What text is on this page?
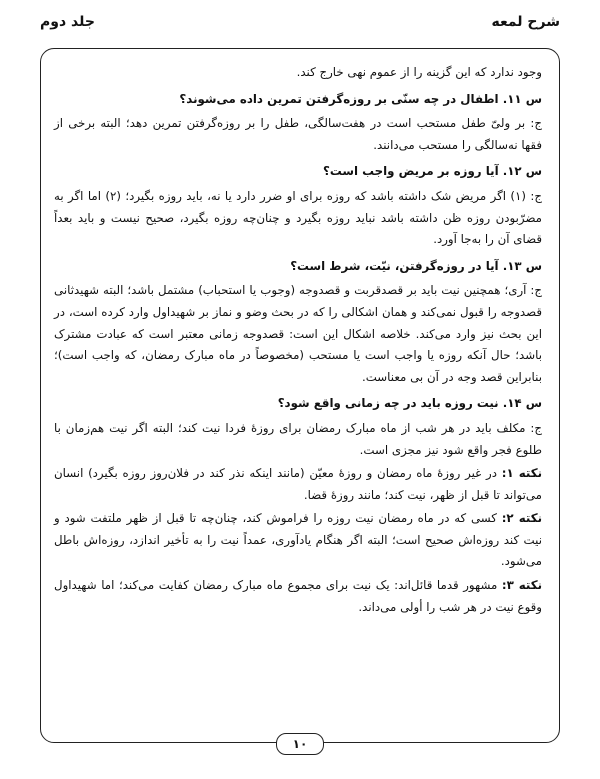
شرح لمعه
جلد دوم

وجود ندارد که این گزینه را از عموم نهی خارج کند.

س ۱۱. اطفال در چه سنّی بر روزه‌گرفتن تمرین داده می‌شوند؟

ج: بر ولیّ طفل مستحب است در هفت‌سالگی، طفل را بر روزه‌گرفتن تمرین دهد؛ البته برخی از فقها نه‌سالگی را مستحب می‌دانند.

س ۱۲. آیا روزه بر مریض واجب است؟

ج: (۱) اگر مریض شک داشته باشد که روزه برای او ضرر دارد یا نه، باید روزه بگیرد؛ (۲) اما اگر به مضرّبودن روزه ظن داشته باشد نباید روزه بگیرد و چنان‌چه روزه بگیرد، صحیح نیست و باید بعداً قضای آن را به‌جا آورد.

س ۱۳. آیا در روزه‌گرفتن، نیّت، شرط است؟

ج: آری؛ همچنین نیت باید بر قصدقربت و قصدوجه (وجوب یا استحباب) مشتمل باشد؛ البته شهیدثانی قصدوجه را قبول نمی‌کند و همان اشکالی را که در بحث وضو و نماز بر شهیداول وارد کرده است، در این بحث نیز وارد می‌کند. خلاصه اشکال این است: قصدوجه زمانی معتبر است که عبادت مشترک باشد؛ حال آنکه روزه یا واجب است یا مستحب (مخصوصاً در ماه مبارک رمضان، که واجب است)؛ بنابراین قصد وجه در آن بی معناست.

س ۱۴. نیت روزه باید در چه زمانی واقع شود؟

ج: مکلف باید در هر شب از ماه مبارک رمضان برای روزهٔ فردا نیت کند؛ البته اگر نیت هم‌زمان با طلوع فجر واقع شود نیز مجزی است.

نکته ۱: در غیر روزهٔ ماه رمضان و روزهٔ معیّن (مانند اینکه نذر کند در فلان‌روز روزه بگیرد) انسان می‌تواند تا قبل از ظهر، نیت کند؛ مانند روزهٔ قضا.

نکته ۲: کسی که در ماه رمضان نیت روزه را فراموش کند، چنان‌چه تا قبل از ظهر ملتفت شود و نیت کند روزه‌اش صحیح است؛ البته اگر هنگام یادآوری، عمداً نیت را به تأخیر اندازد، روزه‌اش باطل می‌شود.

نکته ۳: مشهور قدما قائل‌اند: یک نیت برای مجموع ماه مبارک رمضان کفایت می‌کند؛ اما شهیداول وقوع نیت در هر شب را أولی می‌داند.

۱۰
